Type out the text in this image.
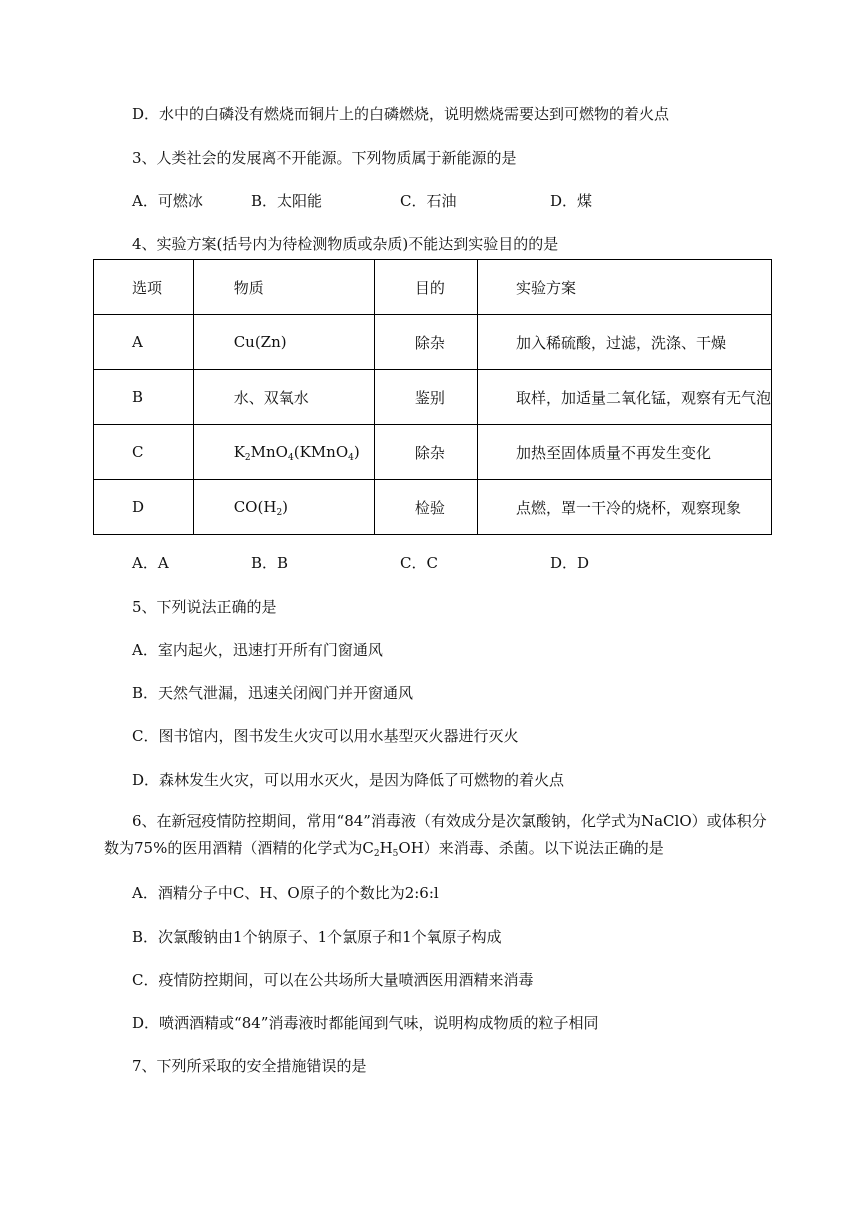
D．水中的白磷没有燃烧而铜片上的白磷燃烧，说明燃烧需要达到可燃物的着火点
3、人类社会的发展离不开能源。下列物质属于新能源的是
A．可燃冰	B．太阳能	C．石油	D．煤
4、实验方案(括号内为待检测物质或杂质)不能达到实验目的的是
选项	物质	目的	实验方案
A	Cu(Zn)	除杂	加入稀硫酸，过滤，洗涤、干燥
B	水、双氧水	鉴别	取样，加适量二氧化锰，观察有无气泡
C	$K_2MnO_4(KMnO_4)$	除杂	加热至固体质量不再发生变化
D	$CO(H_2)$	检验	点燃，罩一干冷的烧杯，观察现象
A．A	B．B	C．C	D．D
5、下列说法正确的是
A．室内起火，迅速打开所有门窗通风
B．天然气泄漏，迅速关闭阀门并开窗通风
C．图书馆内，图书发生火灾可以用水基型灭火器进行灭火
D．森林发生火灾，可以用水灭火，是因为降低了可燃物的着火点
6、在新冠疫情防控期间，常用“84”消毒液（有效成分是次氯酸钠，化学式为NaClO）或体积分
数为75%的医用酒精（酒精的化学式为$C_2H_5OH$）来消毒、杀菌。以下说法正确的是
A．酒精分子中C、H、O原子的个数比为2:6:l
B．次氯酸钠由1个钠原子、1个氯原子和1个氧原子构成
C．疫情防控期间，可以在公共场所大量喷洒医用酒精来消毒
D．喷洒酒精或“84”消毒液时都能闻到气味，说明构成物质的粒子相同
7、下列所采取的安全措施错误的是
